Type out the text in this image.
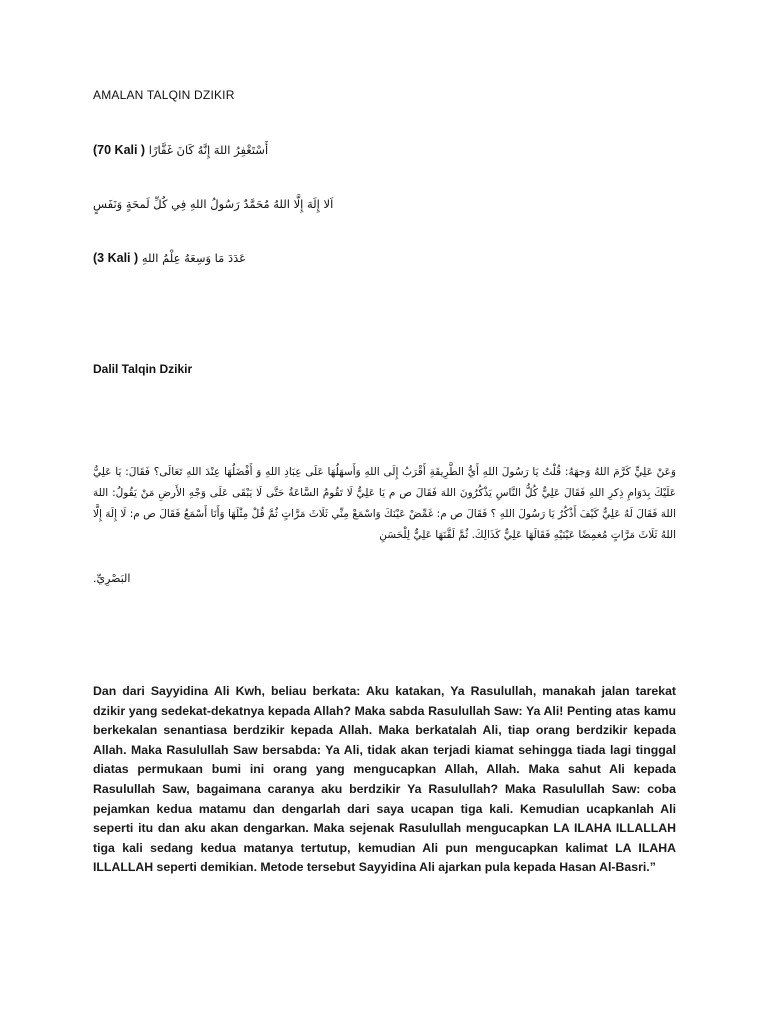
AMALAN TALQIN DZIKIR
أَسْتَغْفِرُ اللهَ إِنَّهُ كَانَ غَفَّارًا (70 Kali )
اَلا إِلَهَ إِلَّا اللهُ مُحَمَّدٌ رَسُولُ اللهِ فِي كُلِّ لَمحَةٍ وَنَفَسٍ
عَدَدَ مَا وَسِعَهُ عِلْمُ اللهِ (3 Kali )
Dalil Talqin Dzikir
وَعَنْ عَلِيٍّ كَرَّمَ اللهُ وَجهَهُ: قُلْتُ يَا رَسُولَ اللهِ أَيُّ الطَّرِيقَةِ أَقْرَبُ إِلَى اللهِ وَأَسهَلُهَا عَلَى عِبَادِ اللهِ وَ أَفْضَلُهَا عِنْدَ اللهِ تَعَالَى؟ فَقَالَ: يَا عَلِيُّ عَلَيْكَ بِدَوَامِ ذِكرِ اللهِ فَقَالَ عَلِيٌّ كُلُّ النَّاسِ يَذْكُرُونَ اللهَ فَقَالَ ص م يَا عَلِيُّ لَا تَقُومُ السَّاعَةُ حَتَّى لَا يَبْقَى عَلَى وَجْهِ الأَرضِ مَنْ يَقُولُ: اللهَ اللهَ فَقَالَ لَهُ عَلِيٌّ كَيْفَ أَذْكُرُ يَا رَسُولَ اللهِ ؟ فَقَالَ ص م: غَمِّضْ عَيْنَكَ وَاسْمَعْ مِنِّي ثَلَاثَ مَرَّاتٍ ثُمَّ قُلْ مِثْلَهَا وَأَنَا أَسْمَعُ فَقَالَ ص م: لَا إِلَهَ إِلَّا اللهُ ثَلَاثَ مَرَّاتٍ مُغمِضًا عَيْنَيْهِ فَقَالَهَا عَلِيٌّ كَذَالِكَ. ثُمَّ لَقَّنَهَا عَلِيٌّ لِلْحَسَنِ
البَصْرِيِّ.
Dan dari Sayyidina Ali Kwh, beliau berkata: Aku katakan, Ya Rasulullah, manakah jalan tarekat dzikir yang sedekat-dekatnya kepada Allah? Maka sabda Rasulullah Saw: Ya Ali! Penting atas kamu berkekalan senantiasa berdzikir kepada Allah. Maka berkatalah Ali, tiap orang berdzikir kepada Allah. Maka Rasulullah Saw bersabda: Ya Ali, tidak akan terjadi kiamat sehingga tiada lagi tinggal diatas permukaan bumi ini orang yang mengucapkan Allah, Allah. Maka sahut Ali kepada Rasulullah Saw, bagaimana caranya aku berdzikir Ya Rasulullah? Maka Rasulullah Saw: coba pejamkan kedua matamu dan dengarlah dari saya ucapan tiga kali. Kemudian ucapkanlah Ali seperti itu dan aku akan dengarkan. Maka sejenak Rasulullah mengucapkan LA ILAHA ILLALLAH tiga kali sedang kedua matanya tertutup, kemudian Ali pun mengucapkan kalimat LA ILAHA ILLALLAH seperti demikian. Metode tersebut Sayyidina Ali ajarkan pula kepada Hasan Al-Basri.”
